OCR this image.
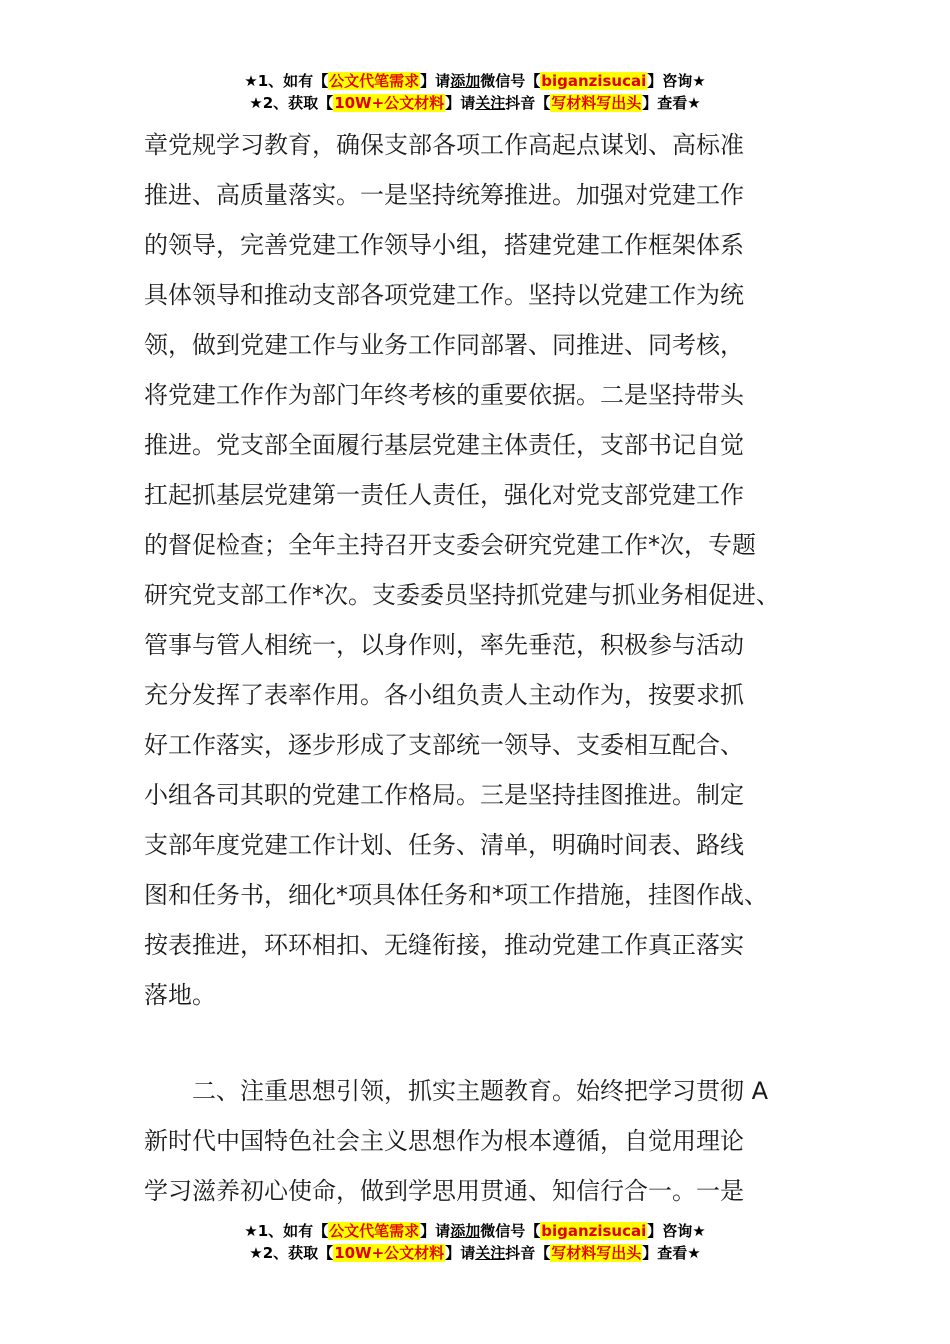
★1、如有【公文代笔需求】请添加微信号【biganzisucai】咨询★
★2、获取【10W+公文材料】请关注抖音【写材料写出头】查看★
章党规学习教育，确保支部各项工作高起点谋划、高标准
推进、高质量落实。一是坚持统筹推进。加强对党建工作
的领导，完善党建工作领导小组，搭建党建工作框架体系
具体领导和推动支部各项党建工作。坚持以党建工作为统
领，做到党建工作与业务工作同部署、同推进、同考核，
将党建工作作为部门年终考核的重要依据。二是坚持带头
推进。党支部全面履行基层党建主体责任，支部书记自觉
扛起抓基层党建第一责任人责任，强化对党支部党建工作
的督促检查；全年主持召开支委会研究党建工作*次，专题
研究党支部工作*次。支委委员坚持抓党建与抓业务相促进、
管事与管人相统一，以身作则，率先垂范，积极参与活动
充分发挥了表率作用。各小组负责人主动作为，按要求抓
好工作落实，逐步形成了支部统一领导、支委相互配合、
小组各司其职的党建工作格局。三是坚持挂图推进。制定
支部年度党建工作计划、任务、清单，明确时间表、路线
图和任务书，细化*项具体任务和*项工作措施，挂图作战、
按表推进，环环相扣、无缝衔接，推动党建工作真正落实
落地。
　　二、注重思想引领，抓实主题教育。始终把学习贯彻 A
新时代中国特色社会主义思想作为根本遵循，自觉用理论
学习滋养初心使命，做到学思用贯通、知信行合一。一是
★1、如有【公文代笔需求】请添加微信号【biganzisucai】咨询★
★2、获取【10W+公文材料】请关注抖音【写材料写出头】查看★
